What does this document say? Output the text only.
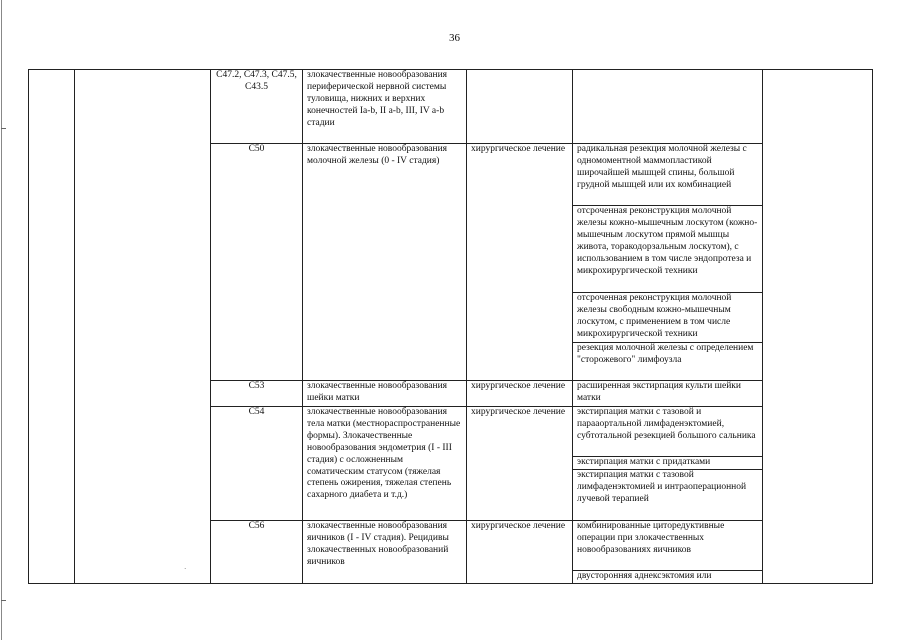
36
		C47.2, C47.3, C47.5, C43.5	злокачественные новообразования периферической нервной системы туловища, нижних и верхних конечностей Ia-b, II a-b, III, IV a-b стадии			
		C50	злокачественные новообразования молочной железы (0 - IV стадия)	хирургическое лечение	радикальная резекция молочной железы с одномоментной маммопластикой широчайшей мышцей спины, большой грудной мышцей или их комбинацией	
					отсроченная реконструкция молочной железы кожно-мышечным лоскутом (кожно-мышечным лоскутом прямой мышцы живота, торакодорзальным лоскутом), с использованием в том числе эндопротеза и микрохирургической техники	
					отсроченная реконструкция молочной железы свободным кожно-мышечным лоскутом, с применением в том числе микрохирургической техники	
					резекция молочной железы с определением "сторожевого" лимфоузла	
		C53	злокачественные новообразования шейки матки	хирургическое лечение	расширенная экстирпация культи шейки матки	
		C54	злокачественные новообразования тела матки (местнораспространенные формы). Злокачественные новообразования эндометрия (I - III стадия) с осложненным соматическим статусом (тяжелая степень ожирения, тяжелая степень сахарного диабета и т.д.)	хирургическое лечение	экстирпация матки с тазовой и парааортальной лимфаденэктомией, субтотальной резекцией большого сальника	
					экстирпация матки с придатками	
					экстирпация матки с тазовой лимфаденэктомией и интраоперационной лучевой терапией	
		C56	злокачественные новообразования яичников (I - IV стадия). Рецидивы злокачественных новообразований яичников	хирургическое лечение	комбинированные циторедуктивные операции при злокачественных новообразованиях яичников	
					двусторонняя аднексэктомия или	
·
